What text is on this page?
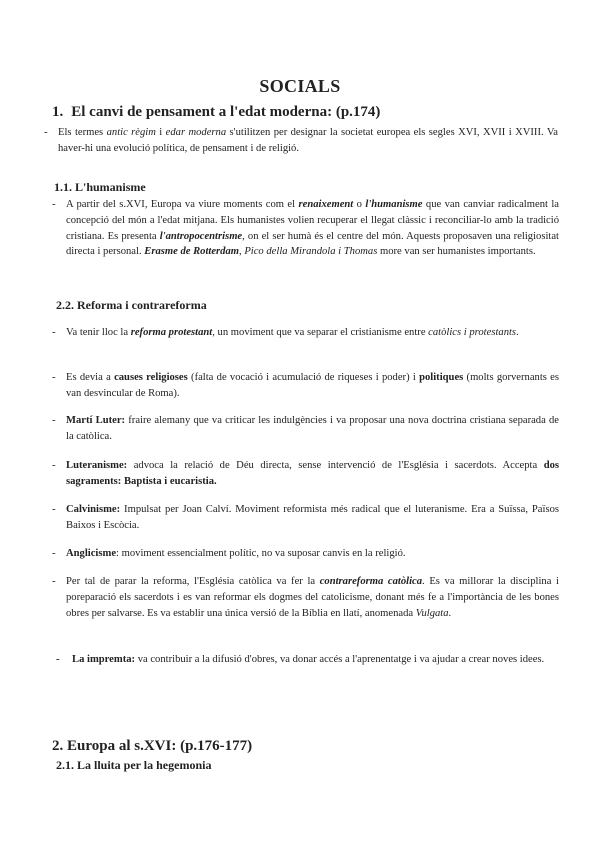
SOCIALS
1. El canvi de pensament a l'edat moderna: (p.174)
- Els termes antic règim i edar moderna s'utilitzen per designar la societat europea els segles XVI, XVII i XVIII. Va haver-hi una evolució política, de pensament i de religió.
1.1. L'humanisme
- A partir del s.XVI, Europa va viure moments com el renaixement o l'humanisme que van canviar radicalment la concepció del món a l'edat mitjana. Els humanistes volien recuperar el llegat clàssic i reconciliar-lo amb la tradició cristiana. Es presenta l'antropocentrisme, on el ser humà és el centre del món. Aquests proposaven una religiositat directa i personal. Erasme de Rotterdam, Pico della Mirandola i Thomas more van ser humanistes importants.
2.2. Reforma i contrareforma
- Va tenir lloc la reforma protestant, un moviment que va separar el cristianisme entre catòlics i protestants.
- Es devia a causes religioses (falta de vocació i acumulació de riqueses i poder) i politiques (molts gorvernants es van desvincular de Roma).
- Martí Luter: fraire alemany que va criticar les indulgències i va proposar una nova doctrina cristiana separada de la catòlica.
- Luteranisme: advoca la relació de Déu directa, sense intervenció de l'Església i sacerdots. Accepta dos sagraments: Baptista i eucaristia.
- Calvinisme: Impulsat per Joan Calví. Moviment reformista més radical que el luteranisme. Era a Suïssa, Països Baixos i Escòcia.
- Anglicisme: moviment essencialment polític, no va suposar canvis en la religió.
- Per tal de parar la reforma, l'Església catòlica va fer la contrareforma catòlica. Es va millorar la disciplina i poreparació els sacerdots i es van reformar els dogmes del catolicisme, donant més fe a l'importància de les bones obres per salvarse. Es va establir una única versió de la Bíblia en llatí, anomenada Vulgata.
- La impremta: va contribuir a la difusió d'obres, va donar accés a l'aprenentatge i va ajudar a crear noves idees.
2. Europa al s.XVI: (p.176-177)
2.1. La lluita per la hegemonia
